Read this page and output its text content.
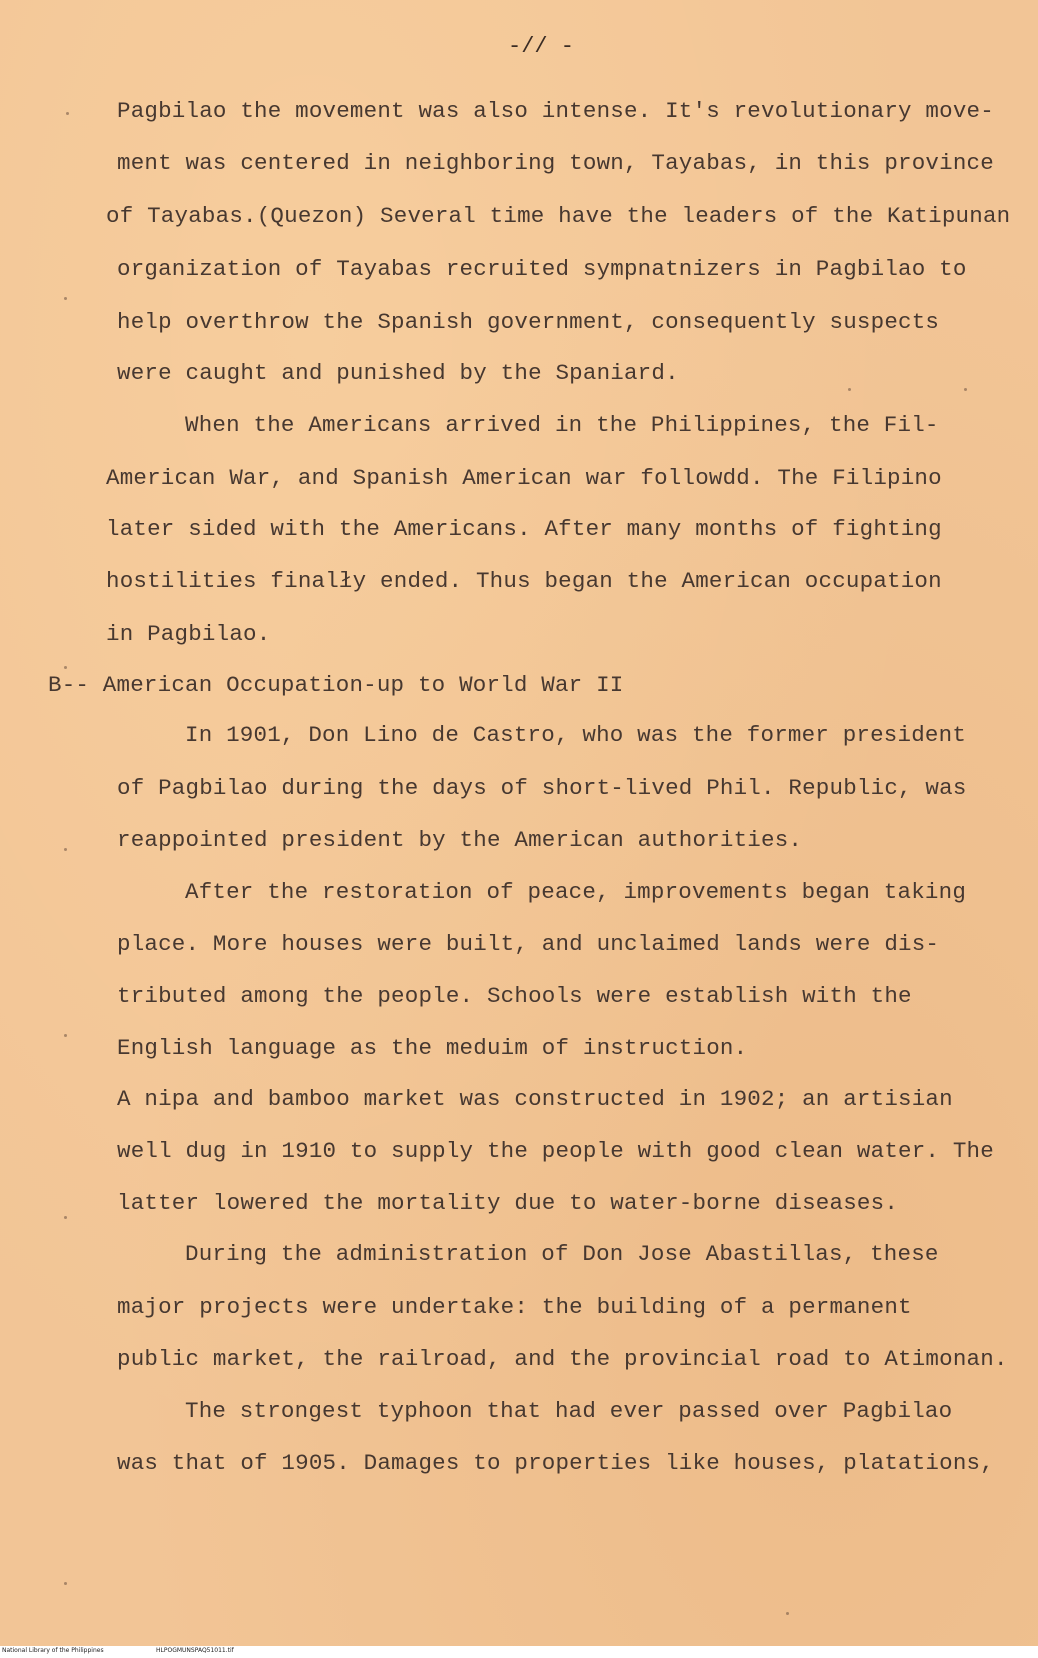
-// -
Pagbilao the movement was also intense. It's revolutionary move-
ment was centered in neighboring town, Tayabas, in this province
of Tayabas.(Quezon) Several time have the leaders of the Katipunan
organization of Tayabas recruited sympnatnizers in Pagbilao to
help overthrow the Spanish government, consequently suspects
were caught and punished by the Spaniard.
When the Americans arrived in the Philippines, the Fil-
American War, and Spanish American war followdd. The Filipino
later sided with the Americans. After many months of fighting
hostilities finalły ended. Thus began the American occupation
in Pagbilao.
B-- American Occupation-up to World War II
In 1901, Don Lino de Castro, who was the former president
of Pagbilao during the days of short-lived Phil. Republic, was
reappointed president by the American authorities.
After the restoration of peace, improvements began taking
place. More houses were built, and unclaimed lands were dis-
tributed among the people. Schools were establish with the
English language as the meduim of instruction.
A nipa and bamboo market was constructed in 1902; an artisian
well dug in 1910 to supply the people with good clean water. The
latter lowered the mortality due to water-borne diseases.
During the administration of Don Jose Abastillas, these
major projects were undertake: the building of a permanent
public market, the railroad, and the provincial road to Atimonan.
The strongest typhoon that had ever passed over Pagbilao
was that of 1905. Damages to properties like houses, platations,
National Library of the Philippines	HLPOGMUNSPAQ51011.tif
